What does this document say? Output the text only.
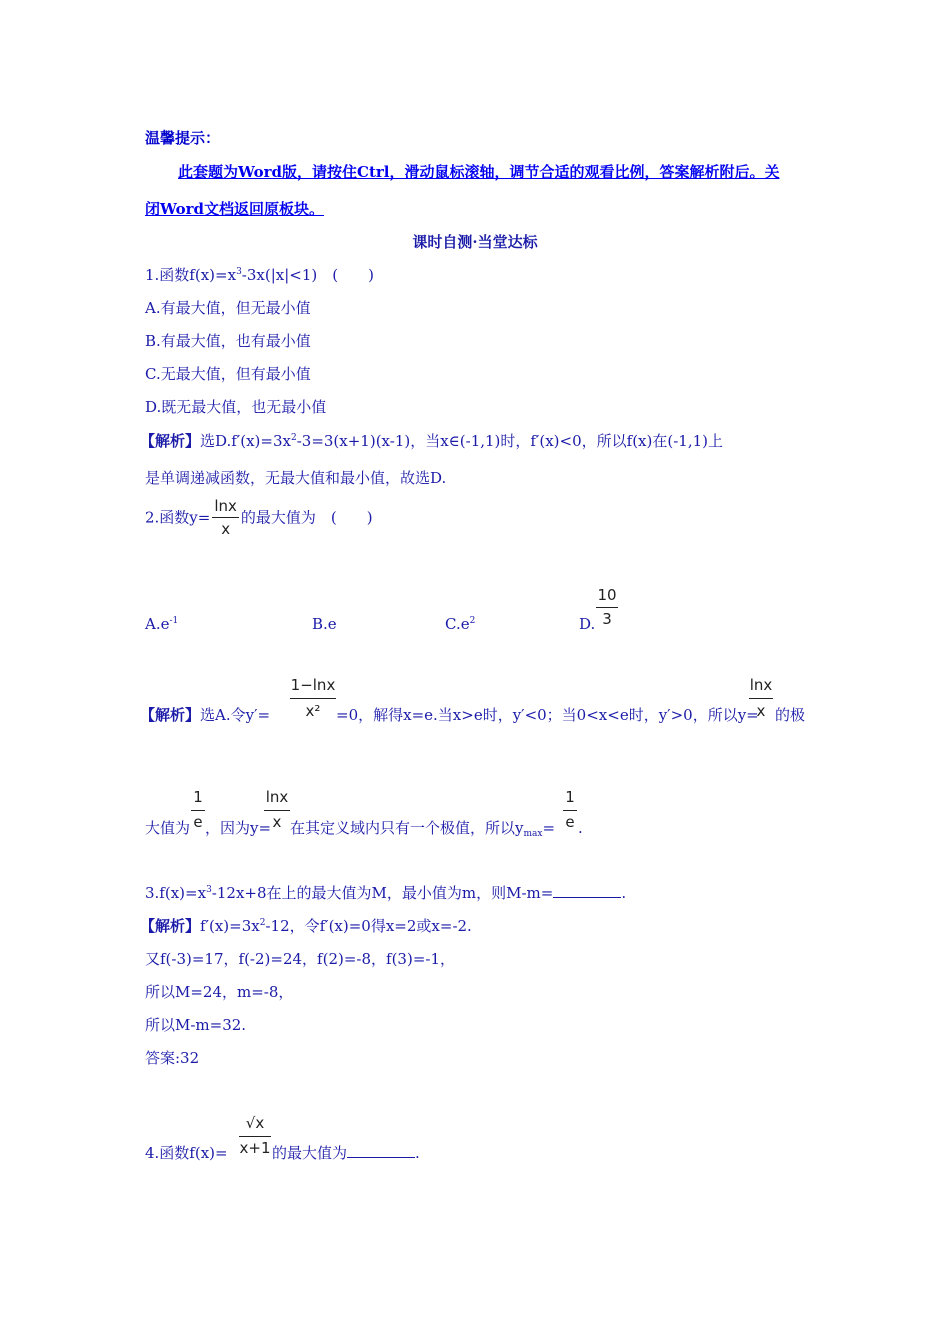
温馨提示：
此套题为Word版，请按住Ctrl，滑动鼠标滚轴，调节合适的观看比例，答案解析附后。关
闭Word文档返回原板块。
课时自测·当堂达标
1.函数$f(x)=x^3-3x(|x|<1)$　(　　)
A.有最大值，但无最小值
B.有最大值，也有最小值
C.无最大值，但有最小值
D.既无最大值，也无最小值
【解析】选$D.f'(x)=3x^2-3=3(x+1)(x-1)$，当x∈(-1,1)时，f′(x)<0，所以f(x)在(-1,1)上
是单调递减函数，无最大值和最小值，故选D.
2.函数$y= \frac{\ln x}{x}$ 的最大值为　(　　)
$A.e^{-1}$	B.e	$C.e^2$	D.
10
3
【解析】选A.令y′=
1−lnx
x²	=0，解得x=e.当x>e时，y′<0；当0<x<e时，y′>0，所以y=
lnx
x 的极
大值为
1
e ，因为y=
lnx
x 在其定义域内只有一个极值，所以$y_{max}=$
1
e .
$3.f(x)=x^3-12x+8$在上的最大值为M，最小值为m，则M-m=	.
【解析】$f'(x)=3x^2-12$，令f′(x)=0得x=2或x=-2.
又f(-3)=17，f(-2)=24，f(2)=-8，f(3)=-1，
所以M=24，m=-8，
所以M-m=32.
答案:32
4.函数f(x)=
√x
x+1 的最大值为	.
